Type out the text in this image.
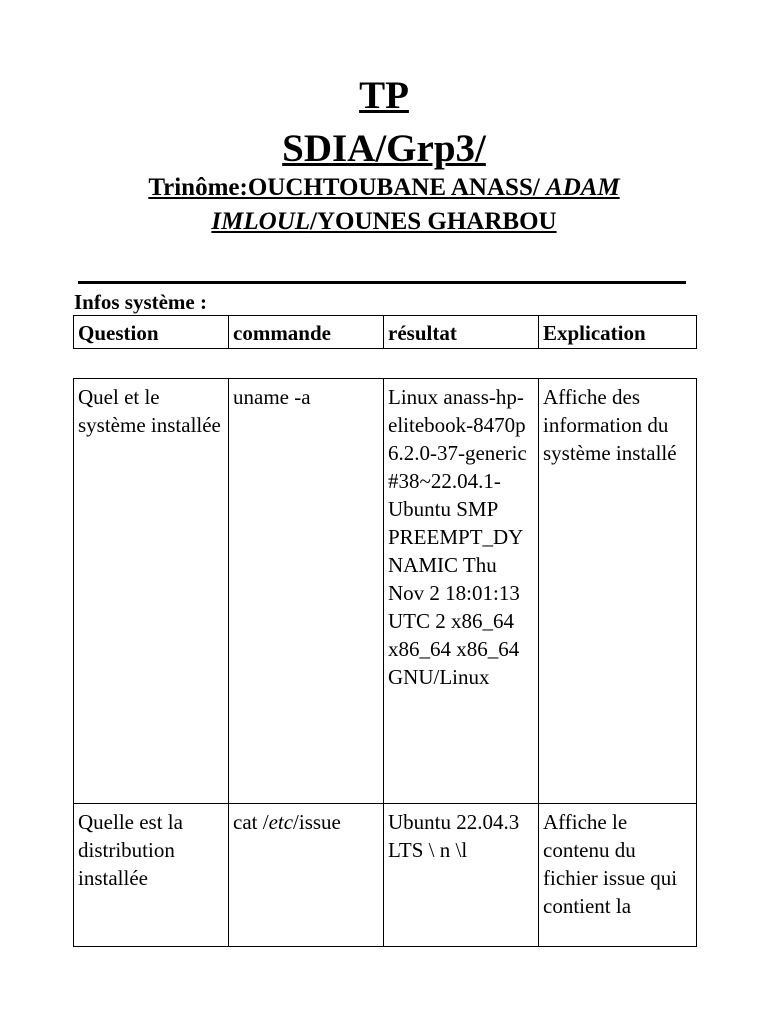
TP

SDIA/Grp3/

Trinôme:OUCHTOUBANE ANASS/ ADAM IMLOUL/YOUNES GHARBOU
Infos système :
Question	commande	résultat	Explication
Quel et le système installée	uname -a	Linux anass-hp-elitebook-8470p 6.2.0-37-generic #38~22.04.1-Ubuntu SMP PREEMPT_DYNAMIC Thu Nov 2 18:01:13 UTC 2 x86_64 x86_64 x86_64 GNU/Linux	Affiche des information du système installé
Quelle est la distribution installée	cat /etc/issue	Ubuntu 22.04.3 LTS \ n \l	Affiche le contenu du fichier issue qui contient la
